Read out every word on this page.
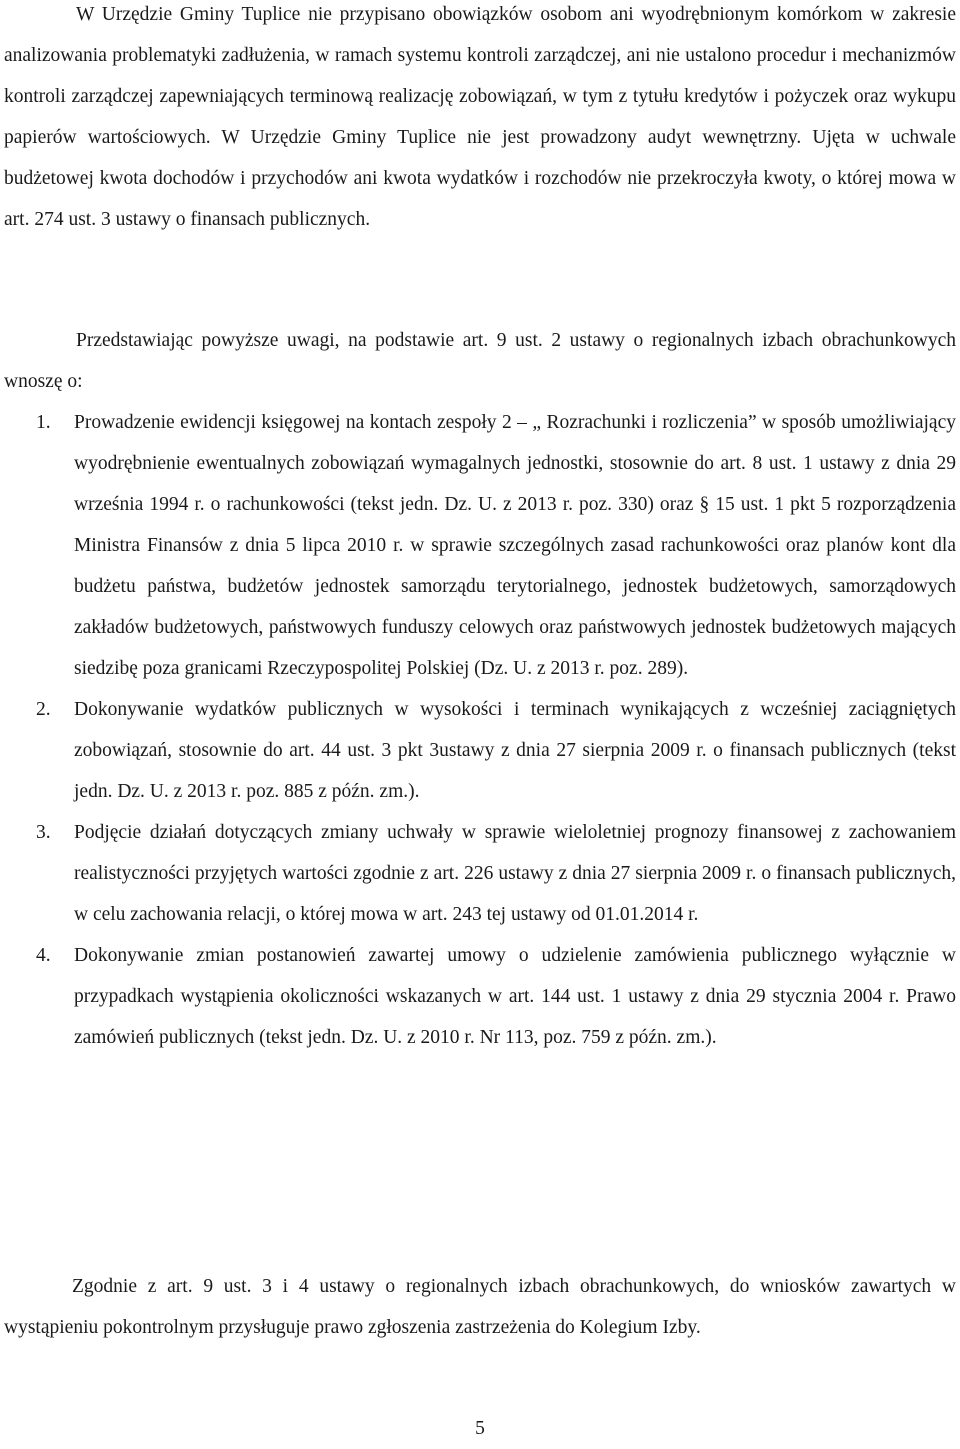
W Urzędzie Gminy Tuplice nie przypisano obowiązków osobom ani wyodrębnionym komórkom w zakresie analizowania problematyki zadłużenia, w ramach systemu kontroli zarządczej, ani nie ustalono procedur i mechanizmów kontroli zarządczej zapewniających terminową realizację zobowiązań, w tym z tytułu kredytów i pożyczek oraz wykupu papierów wartościowych. W Urzędzie Gminy Tuplice nie jest prowadzony audyt wewnętrzny. Ujęta w uchwale budżetowej kwota dochodów i przychodów ani kwota wydatków i rozchodów nie przekroczyła kwoty, o której mowa w art. 274 ust. 3 ustawy o finansach publicznych.

Przedstawiając powyższe uwagi, na podstawie art. 9 ust. 2 ustawy o regionalnych izbach obrachunkowych wnoszę o:

1. Prowadzenie ewidencji księgowej na kontach zespoły 2 – „ Rozrachunki i rozliczenia” w sposób umożliwiający wyodrębnienie ewentualnych zobowiązań wymagalnych jednostki, stosownie do art. 8 ust. 1 ustawy z dnia 29 września 1994 r. o rachunkowości (tekst jedn. Dz. U. z 2013 r. poz. 330) oraz § 15 ust. 1 pkt 5 rozporządzenia Ministra Finansów z dnia 5 lipca 2010 r. w sprawie szczególnych zasad rachunkowości oraz planów kont dla budżetu państwa, budżetów jednostek samorządu terytorialnego, jednostek budżetowych, samorządowych zakładów budżetowych, państwowych funduszy celowych oraz państwowych jednostek budżetowych mających siedzibę poza granicami Rzeczypospolitej Polskiej (Dz. U. z 2013 r. poz. 289).
2. Dokonywanie wydatków publicznych w wysokości i terminach wynikających z wcześniej zaciągniętych zobowiązań, stosownie do art. 44 ust. 3 pkt 3ustawy z dnia 27 sierpnia 2009 r. o finansach publicznych (tekst jedn. Dz. U. z 2013 r. poz. 885 z późn. zm.).
3. Podjęcie działań dotyczących zmiany uchwały w sprawie wieloletniej prognozy finansowej z zachowaniem realistyczności przyjętych wartości zgodnie z art. 226 ustawy z dnia 27 sierpnia 2009 r. o finansach publicznych, w celu zachowania relacji, o której mowa w art. 243 tej ustawy od 01.01.2014 r.
4. Dokonywanie zmian postanowień zawartej umowy o udzielenie zamówienia publicznego wyłącznie w przypadkach wystąpienia okoliczności wskazanych w art. 144 ust. 1 ustawy z dnia 29 stycznia 2004 r. Prawo zamówień publicznych (tekst jedn. Dz. U. z 2010 r. Nr 113, poz. 759 z późn. zm.).

Zgodnie z art. 9 ust. 3 i 4 ustawy o regionalnych izbach obrachunkowych, do wniosków zawartych w wystąpieniu pokontrolnym przysługuje prawo zgłoszenia zastrzeżenia do Kolegium Izby.

5
